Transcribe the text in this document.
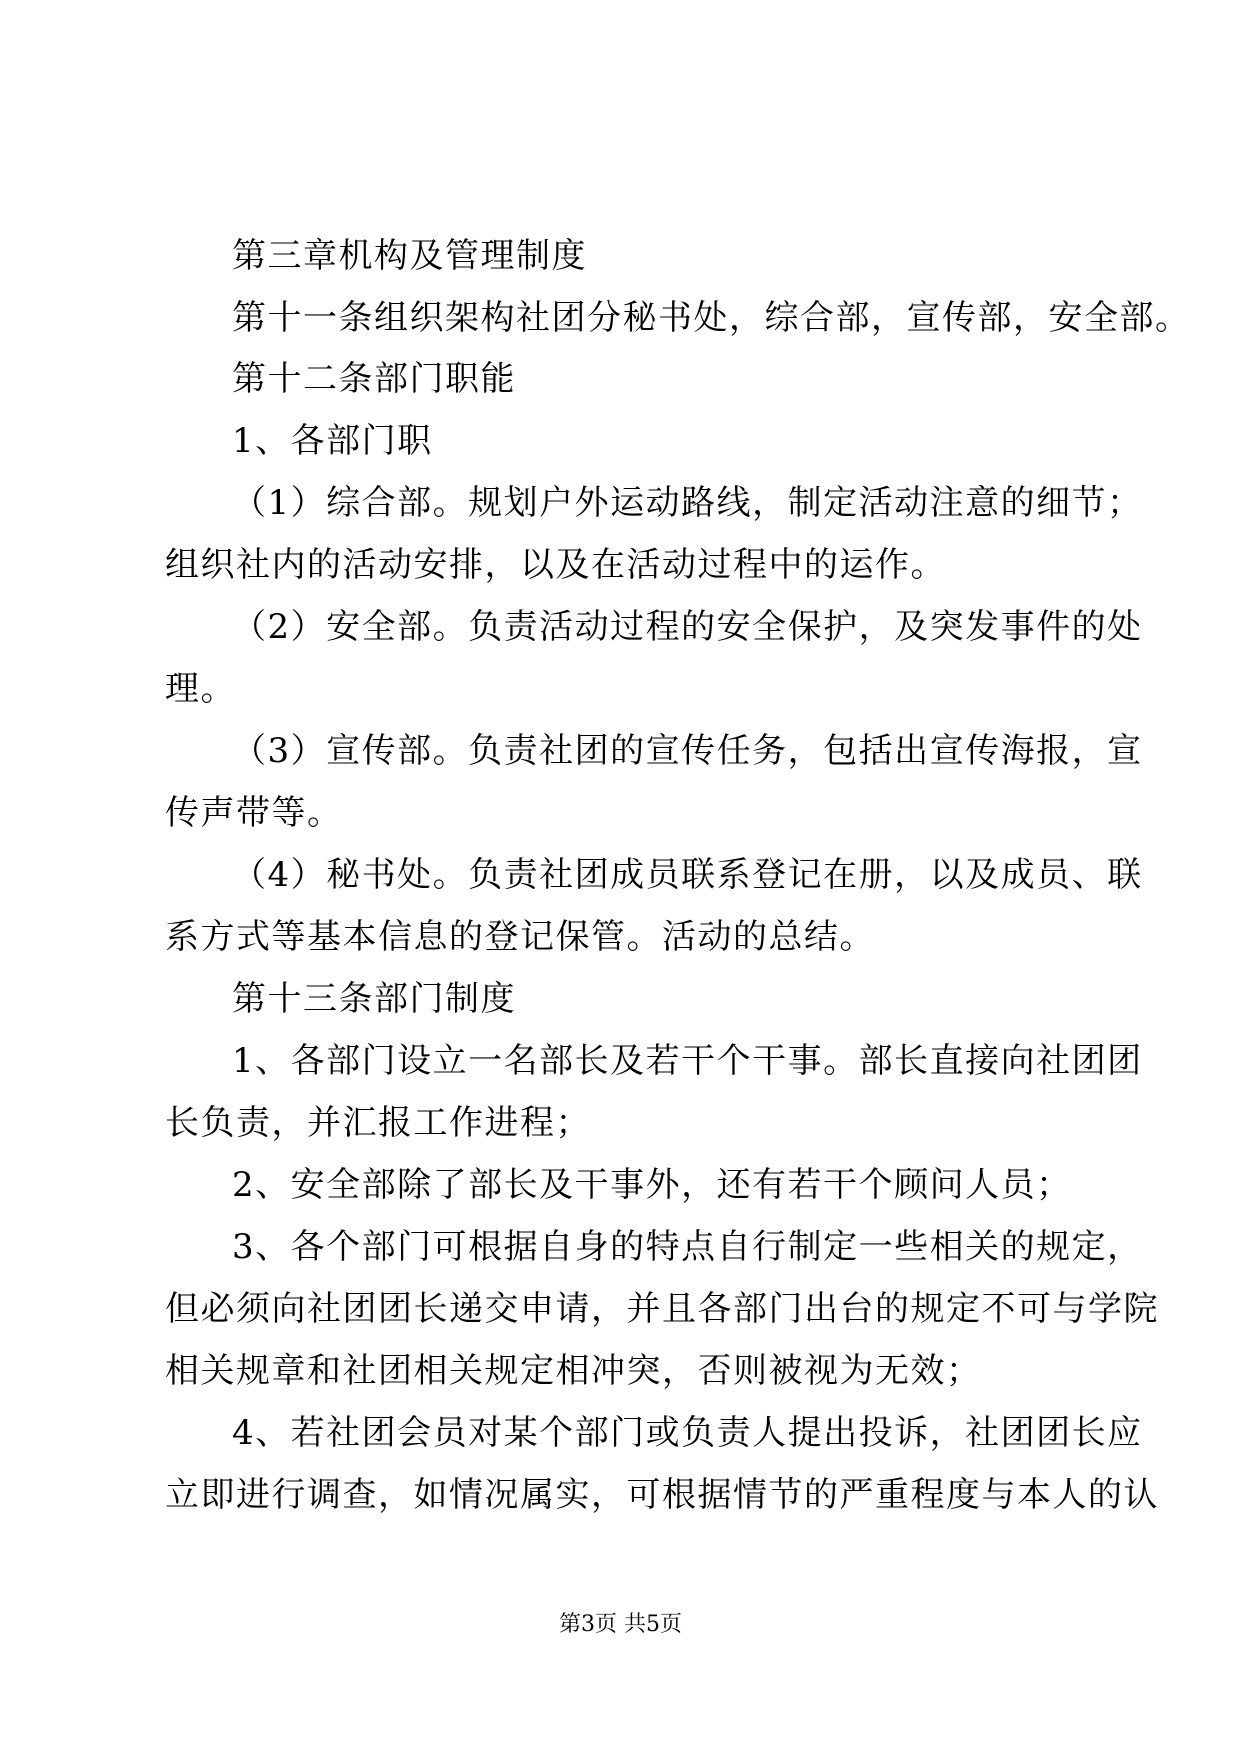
第三章机构及管理制度
第十一条组织架构社团分秘书处，综合部，宣传部，安全部。
第十二条部门职能
1、各部门职
（1）综合部。规划户外运动路线，制定活动注意的细节；
组织社内的活动安排，以及在活动过程中的运作。
（2）安全部。负责活动过程的安全保护，及突发事件的处
理。
（3）宣传部。负责社团的宣传任务，包括出宣传海报，宣
传声带等。
（4）秘书处。负责社团成员联系登记在册，以及成员、联
系方式等基本信息的登记保管。活动的总结。
第十三条部门制度
1、各部门设立一名部长及若干个干事。部长直接向社团团
长负责，并汇报工作进程；
2、安全部除了部长及干事外，还有若干个顾问人员；
3、各个部门可根据自身的特点自行制定一些相关的规定，
但必须向社团团长递交申请，并且各部门出台的规定不可与学院
相关规章和社团相关规定相冲突，否则被视为无效；
4、若社团会员对某个部门或负责人提出投诉，社团团长应
立即进行调查，如情况属实，可根据情节的严重程度与本人的认
第3页 共5页
